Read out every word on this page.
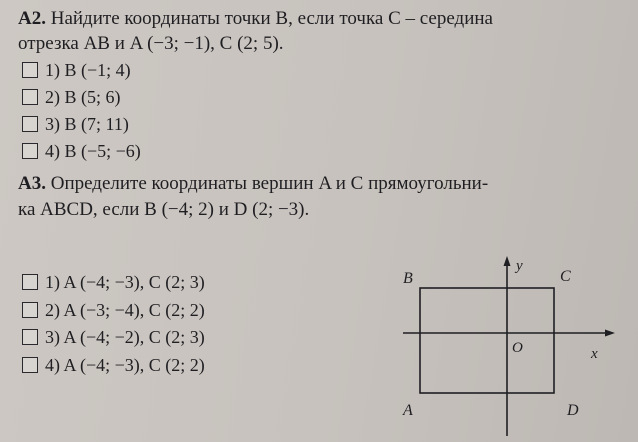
A2. Найдите координаты точки B, если точка C – середина
отрезка AB и A (−3; −1), C (2; 5).
1) B (−1; 4)
2) B (5; 6)
3) B (7; 11)
4) B (−5; −6)
A3. Определите координаты вершин A и C прямоугольни-
ка ABCD, если B (−4; 2) и D (2; −3).
1) A (−4; −3), C (2; 3)
2) A (−3; −4), C (2; 2)
3) A (−4; −2), C (2; 3)
4) A (−4; −3), C (2; 2)
B	C
A	D
y
x
O
